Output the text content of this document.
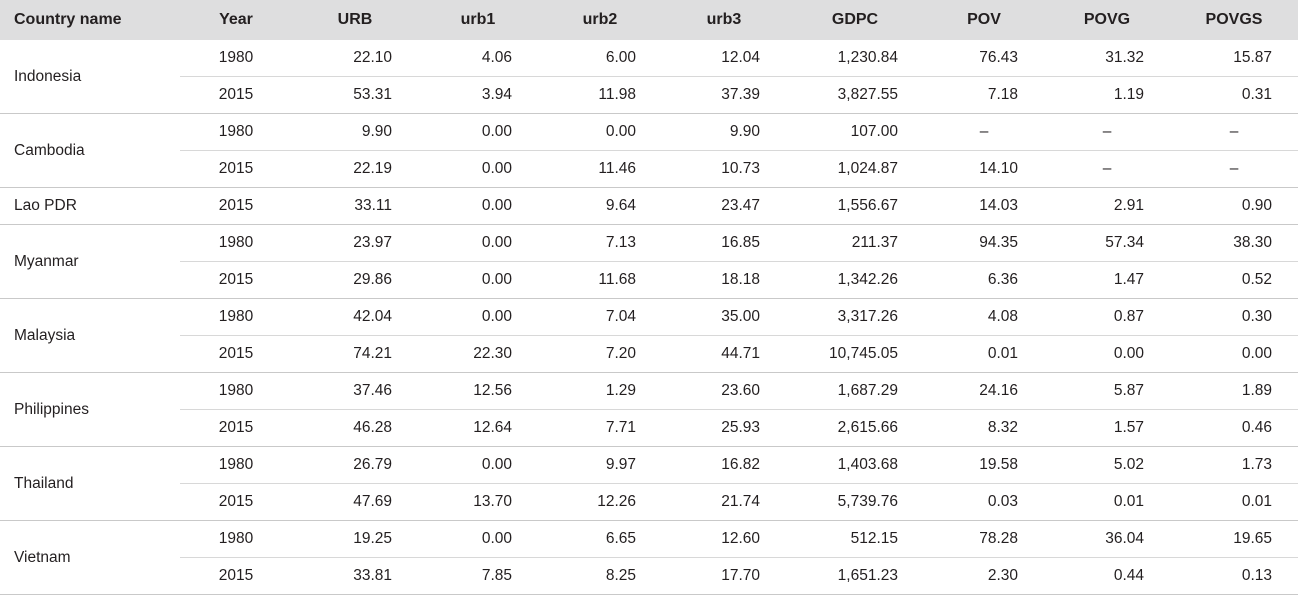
Country name	Year	URB	urb1	urb2	urb3	GDPC	POV	POVG	POVGS
Indonesia	1980	22.10	4.06	6.00	12.04	1,230.84	76.43	31.32	15.87
	2015	53.31	3.94	11.98	37.39	3,827.55	7.18	1.19	0.31
Cambodia	1980	9.90	0.00	0.00	9.90	107.00	–	–	–
	2015	22.19	0.00	11.46	10.73	1,024.87	14.10	–	–
Lao PDR	2015	33.11	0.00	9.64	23.47	1,556.67	14.03	2.91	0.90
Myanmar	1980	23.97	0.00	7.13	16.85	211.37	94.35	57.34	38.30
	2015	29.86	0.00	11.68	18.18	1,342.26	6.36	1.47	0.52
Malaysia	1980	42.04	0.00	7.04	35.00	3,317.26	4.08	0.87	0.30
	2015	74.21	22.30	7.20	44.71	10,745.05	0.01	0.00	0.00
Philippines	1980	37.46	12.56	1.29	23.60	1,687.29	24.16	5.87	1.89
	2015	46.28	12.64	7.71	25.93	2,615.66	8.32	1.57	0.46
Thailand	1980	26.79	0.00	9.97	16.82	1,403.68	19.58	5.02	1.73
	2015	47.69	13.70	12.26	21.74	5,739.76	0.03	0.01	0.01
Vietnam	1980	19.25	0.00	6.65	12.60	512.15	78.28	36.04	19.65
	2015	33.81	7.85	8.25	17.70	1,651.23	2.30	0.44	0.13
